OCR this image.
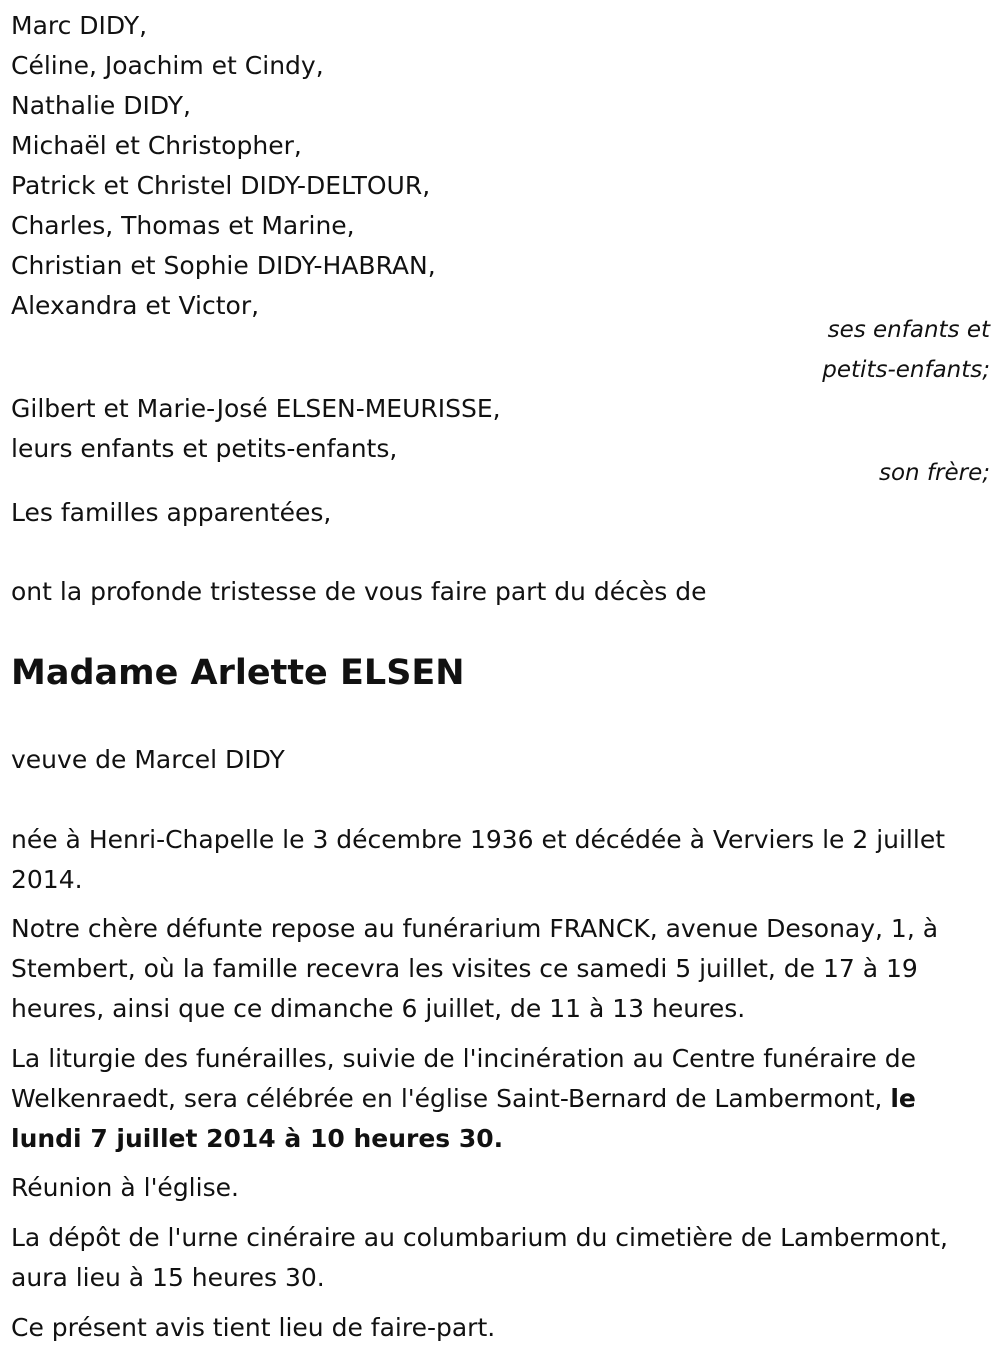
Marc DIDY,
Céline, Joachim et Cindy,
Nathalie DIDY,
Michaël et Christopher,
Patrick et Christel DIDY-DELTOUR,
Charles, Thomas et Marine,
Christian et Sophie DIDY-HABRAN,
Alexandra et Victor,
ses enfants et
petits-enfants;
Gilbert et Marie-José ELSEN-MEURISSE,
leurs enfants et petits-enfants,
son frère;
Les familles apparentées,
ont la profonde tristesse de vous faire part du décès de
Madame Arlette ELSEN
veuve de Marcel DIDY
née à Henri-Chapelle le 3 décembre 1936 et décédée à Verviers le 2 juillet 2014.
Notre chère défunte repose au funérarium FRANCK, avenue Desonay, 1, à Stembert, où la famille recevra les visites ce samedi 5 juillet, de 17 à 19 heures, ainsi que ce dimanche 6 juillet, de 11 à 13 heures.
La liturgie des funérailles, suivie de l'incinération au Centre funéraire de Welkenraedt, sera célébrée en l'église Saint-Bernard de Lambermont, le lundi 7 juillet 2014 à 10 heures 30.
Réunion à l'église.
La dépôt de l'urne cinéraire au columbarium du cimetière de Lambermont, aura lieu à 15 heures 30.
Ce présent avis tient lieu de faire-part.
